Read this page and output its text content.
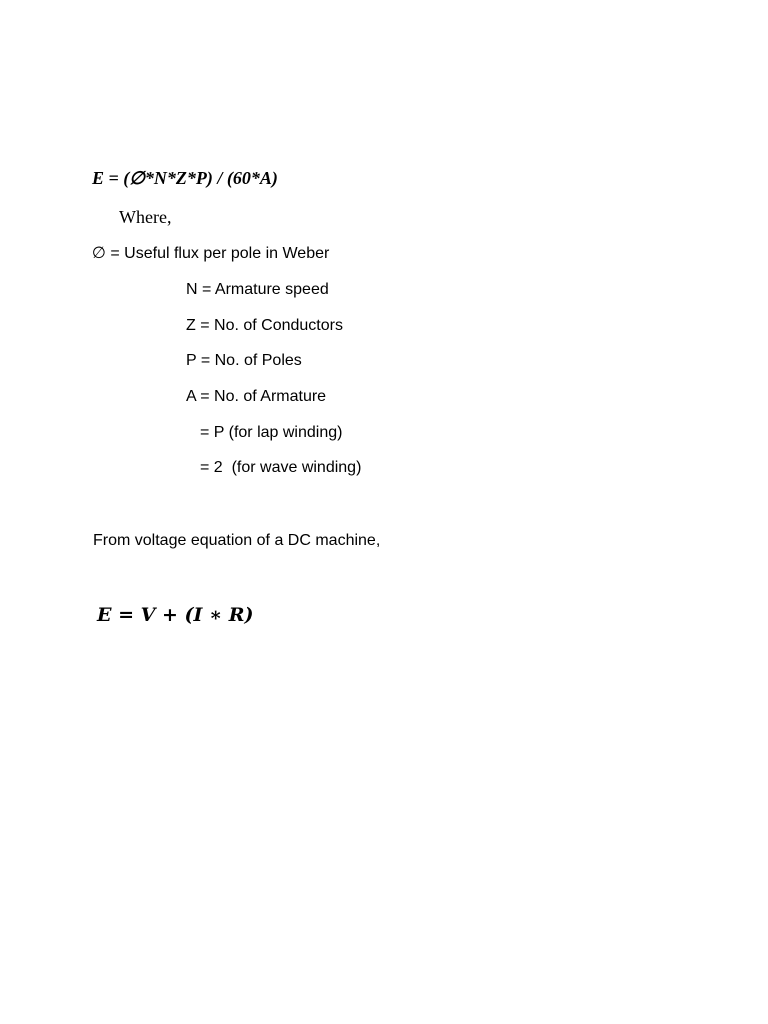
E = (∅*N*Z*P) / (60*A)
Where,
∅ = Useful flux per pole in Weber
N = Armature speed
Z = No. of Conductors
P = No. of Poles
A = No. of Armature
= P (for lap winding)
= 2  (for wave winding)
From voltage equation of a DC machine,
E = V + (I ∗ R)
